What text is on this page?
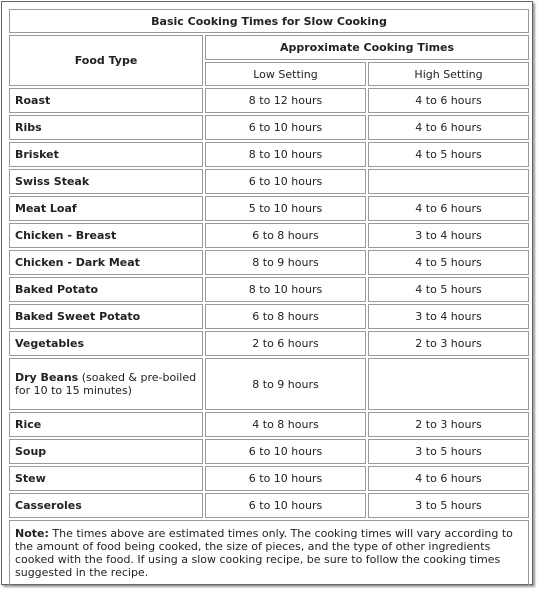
Basic Cooking Times for Slow Cooking		
Food Type	Approximate Cooking Times	
	Low Setting	High Setting
Roast	8 to 12 hours	4 to 6 hours
Ribs	6 to 10 hours	4 to 6 hours
Brisket	8 to 10 hours	4 to 5 hours
Swiss Steak	6 to 10 hours	
Meat Loaf	5 to 10 hours	4 to 6 hours
Chicken - Breast	6 to 8 hours	3 to 4 hours
Chicken - Dark Meat	8 to 9 hours	4 to 5 hours
Baked Potato	8 to 10 hours	4 to 5 hours
Baked Sweet Potato	6 to 8 hours	3 to 4 hours
Vegetables	2 to 6 hours	2 to 3 hours
Dry Beans (soaked & pre-boiled for 10 to 15 minutes)	8 to 9 hours	
Rice	4 to 8 hours	2 to 3 hours
Soup	6 to 10 hours	3 to 5 hours
Stew	6 to 10 hours	4 to 6 hours
Casseroles	6 to 10 hours	3 to 5 hours
Note: The times above are estimated times only. The cooking times will vary according to the amount of food being cooked, the size of pieces, and the type of other ingredients cooked with the food. If using a slow cooking recipe, be sure to follow the cooking times suggested in the recipe.		
